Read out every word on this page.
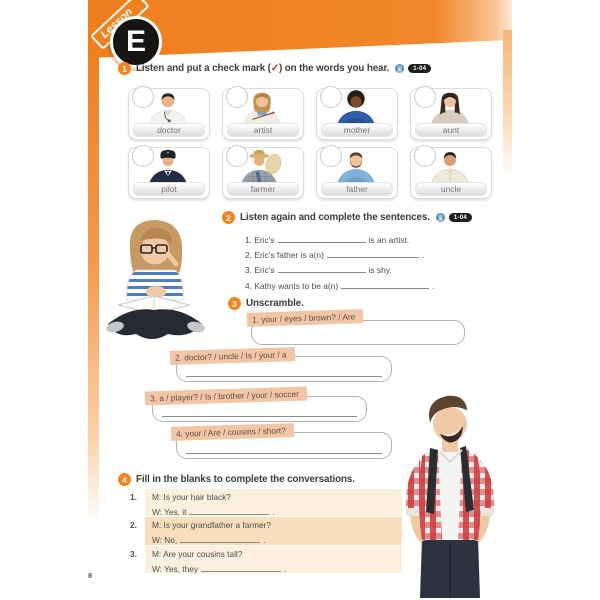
E
1 Listen and put a check mark (✓) on the words you hear.	1-04
doctor	artist	mother	aunt
pilot	farmer	father	uncle
2 Listen again and complete the sentences.	1-04
1. Eric's	is an artist.
2. Eric's father is a(n)	.
3. Eric's	is shy.
4. Kathy wants to be a(n)	.
3 Unscramble.
1. your / eyes / brown? / Are
2. doctor? / uncle / Is / your / a
3. a / player? / Is / brother / your / soccer
4. your / Are / cousins / short?
4 Fill in the blanks to complete the conversations.
1. M: Is your hair black?
W: Yes, it	.
2. M: Is your grandfather a farmer?
W: No,	.
3. M: Are your cousins tall?
W: Yes, they	.
8
